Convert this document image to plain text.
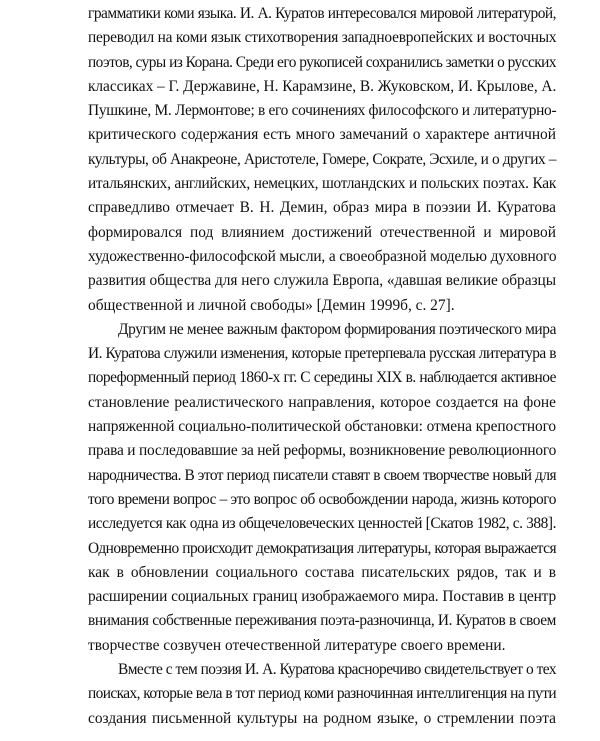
грамматики коми языка. И. А. Куратов интересовался мировой литературой,
переводил на коми язык стихотворения западноевропейских и восточных
поэтов, суры из Корана. Среди его рукописей сохранились заметки о русских
классиках – Г. Державине, Н. Карамзине, В. Жуковском, И. Крылове, А.
Пушкине, М. Лермонтове; в его сочинениях философского и литературно-
критического содержания есть много замечаний о характере античной
культуры, об Анакреоне, Аристотеле, Гомере, Сократе, Эсхиле, и о других –
итальянских, английских, немецких, шотландских и польских поэтах. Как
справедливо отмечает В. Н. Демин, образ мира в поэзии И. Куратова
формировался под влиянием достижений отечественной и мировой
художественно-философской мысли, а своеобразной моделью духовного
развития общества для него служила Европа, «давшая великие образцы
общественной и личной свободы» [Демин 1999б, с. 27].
Другим не менее важным фактором формирования поэтического мира
И. Куратова служили изменения, которые претерпевала русская литература в
пореформенный период 1860-х гг. С середины XIX в. наблюдается активное
становление реалистического направления, которое создается на фоне
напряженной социально-политической обстановки: отмена крепостного
права и последовавшие за ней реформы, возникновение революционного
народничества. В этот период писатели ставят в своем творчестве новый для
того времени вопрос – это вопрос об освобождении народа, жизнь которого
исследуется как одна из общечеловеческих ценностей [Скатов 1982, с. 388].
Одновременно происходит демократизация литературы, которая выражается
как в обновлении социального состава писательских рядов, так и в
расширении социальных границ изображаемого мира. Поставив в центр
внимания собственные переживания поэта-разночинца, И. Куратов в своем
творчестве созвучен отечественной литературе своего времени.
Вместе с тем поэзия И. А. Куратова красноречиво свидетельствует о тех
поисках, которые вела в тот период коми разночинная интеллигенция на пути
создания письменной культуры на родном языке, о стремлении поэта
